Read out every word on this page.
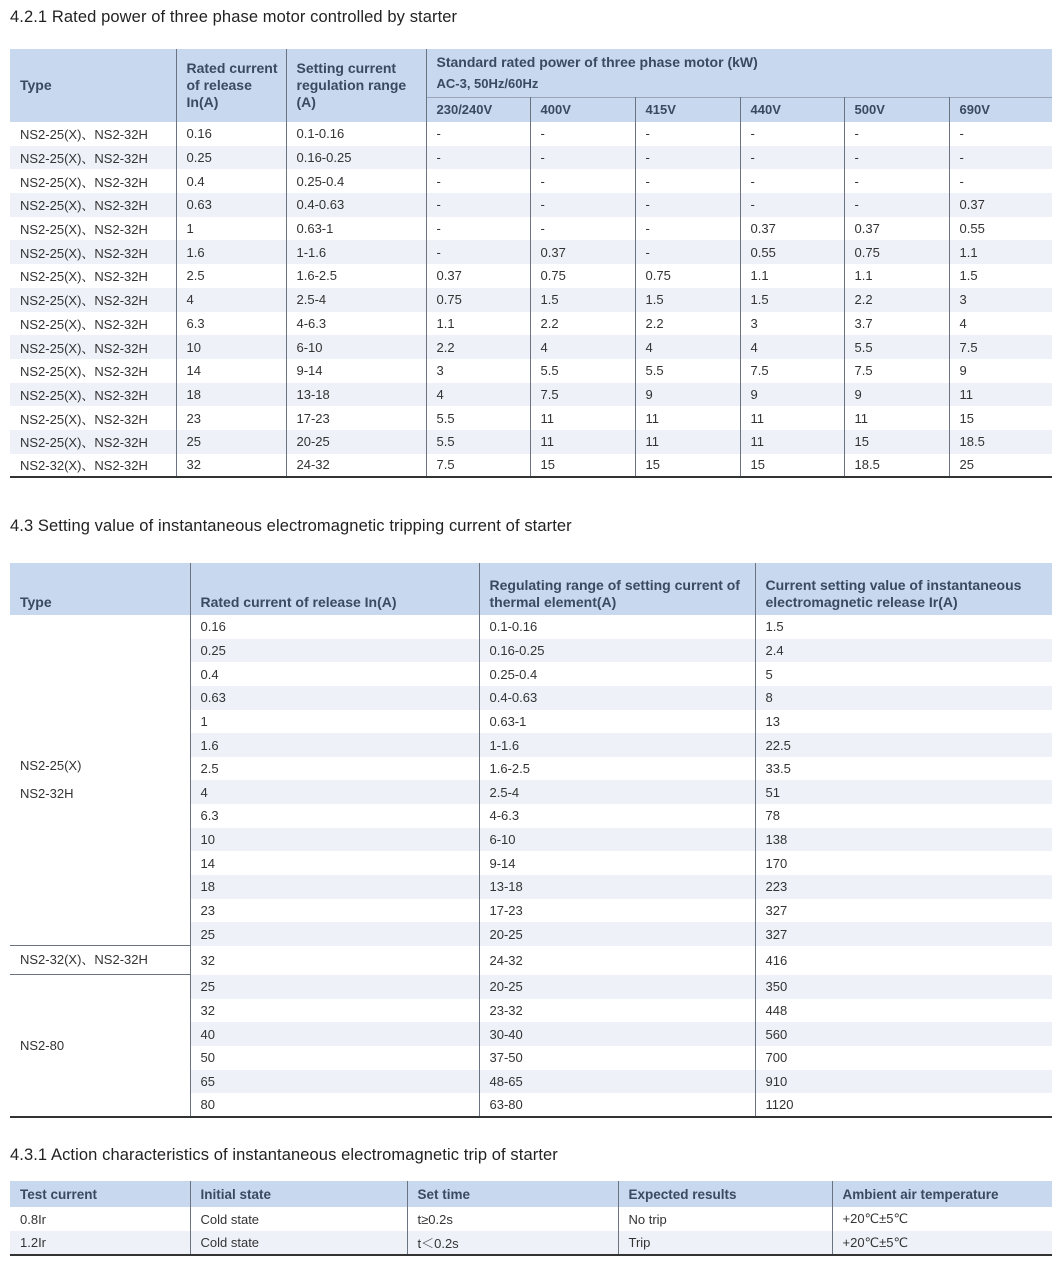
4.2.1 Rated power of three phase motor controlled by starter
Type	Rated current of release In(A)	Setting current regulation range (A)	Standard rated power of three phase motor (kW)
AC-3, 50Hz/60Hz					

			230/240V	400V	415V	440V	500V	690V

NS2-25(X)、NS2-32H	0.16	0.1-0.16	-	-	-	-	-	-
NS2-25(X)、NS2-32H	0.25	0.16-0.25	-	-	-	-	-	-
NS2-25(X)、NS2-32H	0.4	0.25-0.4	-	-	-	-	-	-
NS2-25(X)、NS2-32H	0.63	0.4-0.63	-	-	-	-	-	0.37
NS2-25(X)、NS2-32H	1	0.63-1	-	-	-	0.37	0.37	0.55
NS2-25(X)、NS2-32H	1.6	1-1.6	-	0.37	-	0.55	0.75	1.1
NS2-25(X)、NS2-32H	2.5	1.6-2.5	0.37	0.75	0.75	1.1	1.1	1.5
NS2-25(X)、NS2-32H	4	2.5-4	0.75	1.5	1.5	1.5	2.2	3
NS2-25(X)、NS2-32H	6.3	4-6.3	1.1	2.2	2.2	3	3.7	4
NS2-25(X)、NS2-32H	10	6-10	2.2	4	4	4	5.5	7.5
NS2-25(X)、NS2-32H	14	9-14	3	5.5	5.5	7.5	7.5	9
NS2-25(X)、NS2-32H	18	13-18	4	7.5	9	9	9	11
NS2-25(X)、NS2-32H	23	17-23	5.5	11	11	11	11	15
NS2-25(X)、NS2-32H	25	20-25	5.5	11	11	11	15	18.5
NS2-32(X)、NS2-32H	32	24-32	7.5	15	15	15	18.5	25
4.3 Setting value of instantaneous electromagnetic tripping current of starter
Type	Rated current of release In(A)	Regulating range of setting current of thermal element(A)	Current setting value of instantaneous electromagnetic release Ir(A)

NS2-25(X)
NS2-32H	0.16	0.1-0.16	1.5
	0.25	0.16-0.25	2.4
	0.4	0.25-0.4	5
	0.63	0.4-0.63	8
	1	0.63-1	13
	1.6	1-1.6	22.5
	2.5	1.6-2.5	33.5
	4	2.5-4	51
	6.3	4-6.3	78
	10	6-10	138
	14	9-14	170
	18	13-18	223
	23	17-23	327
	25	20-25	327

NS2-32(X)、NS2-32H	32	24-32	416

NS2-80	25	20-25	350
	32	23-32	448
	40	30-40	560
	50	37-50	700
	65	48-65	910
	80	63-80	1120
4.3.1 Action characteristics of instantaneous electromagnetic trip of starter
Test current	Initial state	Set time	Expected results	Ambient air temperature
0.8Ir	Cold state	t≥0.2s	No trip	+20℃±5℃
1.2Ir	Cold state	t＜0.2s	Trip	+20℃±5℃
